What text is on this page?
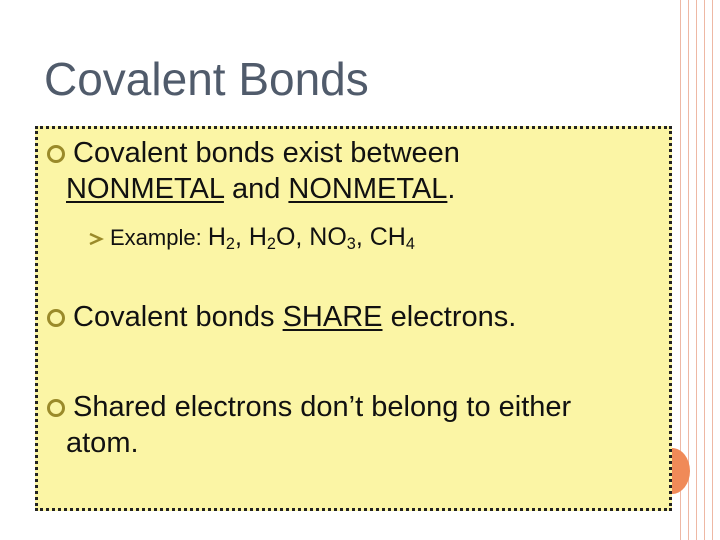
Covalent Bonds
Covalent bonds exist between
NONMETAL and NONMETAL.
Example: $H_2$, $H_2O$, $NO_3$, $CH_4$
Covalent bonds SHARE electrons.
Shared electrons don’t belong to either
atom.
